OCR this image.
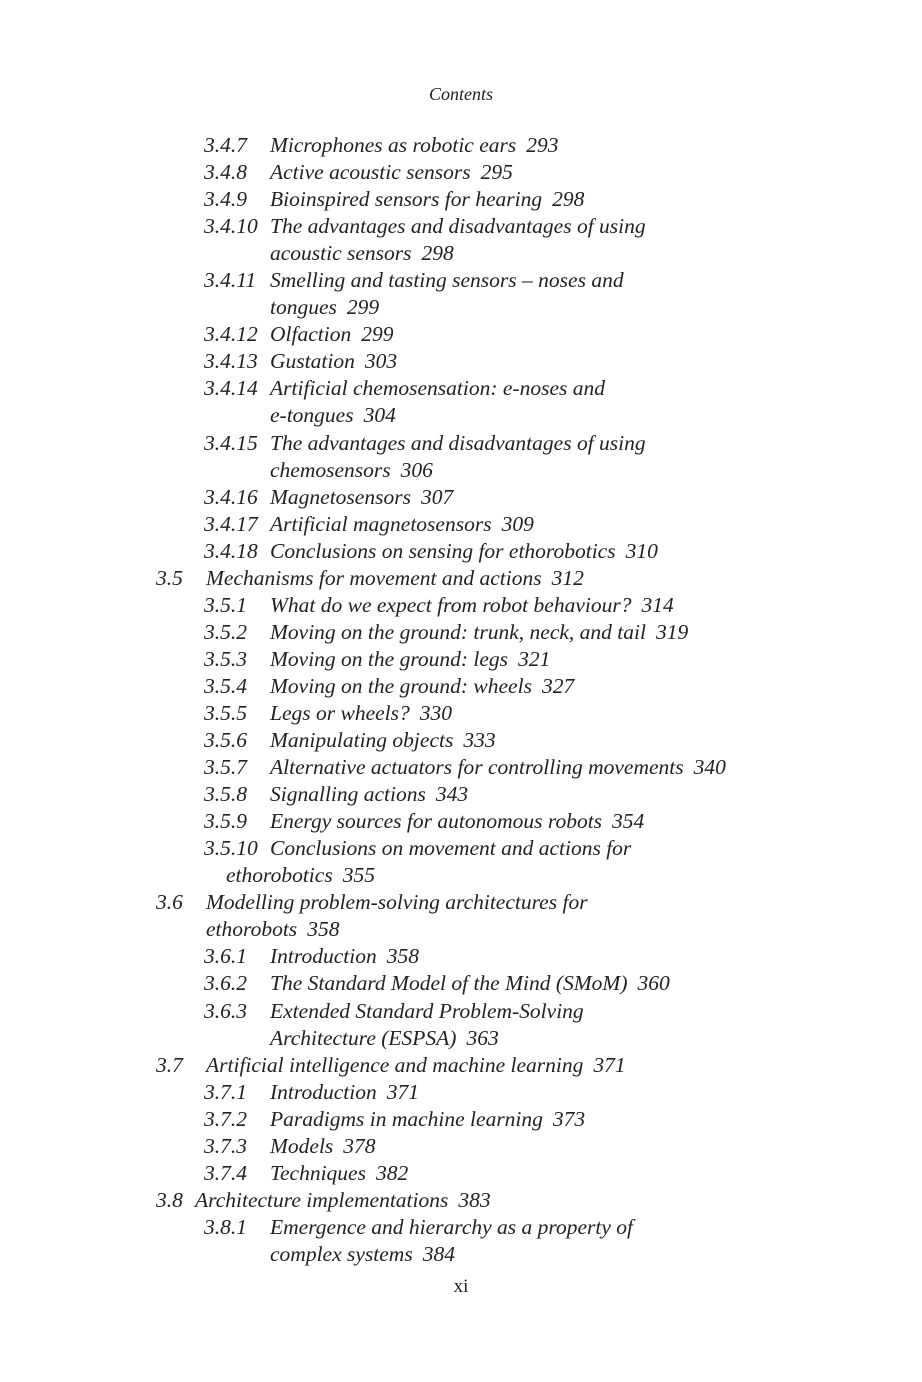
Contents
3.4.7 Microphones as robotic ears 293
3.4.8 Active acoustic sensors 295
3.4.9 Bioinspired sensors for hearing 298
3.4.10 The advantages and disadvantages of using
acoustic sensors 298
3.4.11 Smelling and tasting sensors – noses and
tongues 299
3.4.12 Olfaction 299
3.4.13 Gustation 303
3.4.14 Artificial chemosensation: e-noses and
e-tongues 304
3.4.15 The advantages and disadvantages of using
chemosensors 306
3.4.16 Magnetosensors 307
3.4.17 Artificial magnetosensors 309
3.4.18 Conclusions on sensing for ethorobotics 310
3.5 Mechanisms for movement and actions 312
3.5.1 What do we expect from robot behaviour? 314
3.5.2 Moving on the ground: trunk, neck, and tail 319
3.5.3 Moving on the ground: legs 321
3.5.4 Moving on the ground: wheels 327
3.5.5 Legs or wheels? 330
3.5.6 Manipulating objects 333
3.5.7 Alternative actuators for controlling movements 340
3.5.8 Signalling actions 343
3.5.9 Energy sources for autonomous robots 354
3.5.10 Conclusions on movement and actions for
ethorobotics 355
3.6 Modelling problem-solving architectures for
ethorobots 358
3.6.1 Introduction 358
3.6.2 The Standard Model of the Mind (SMoM) 360
3.6.3 Extended Standard Problem-Solving
Architecture (ESPSA) 363
3.7 Artificial intelligence and machine learning 371
3.7.1 Introduction 371
3.7.2 Paradigms in machine learning 373
3.7.3 Models 378
3.7.4 Techniques 382
3.8 Architecture implementations 383
3.8.1 Emergence and hierarchy as a property of
complex systems 384
xi
